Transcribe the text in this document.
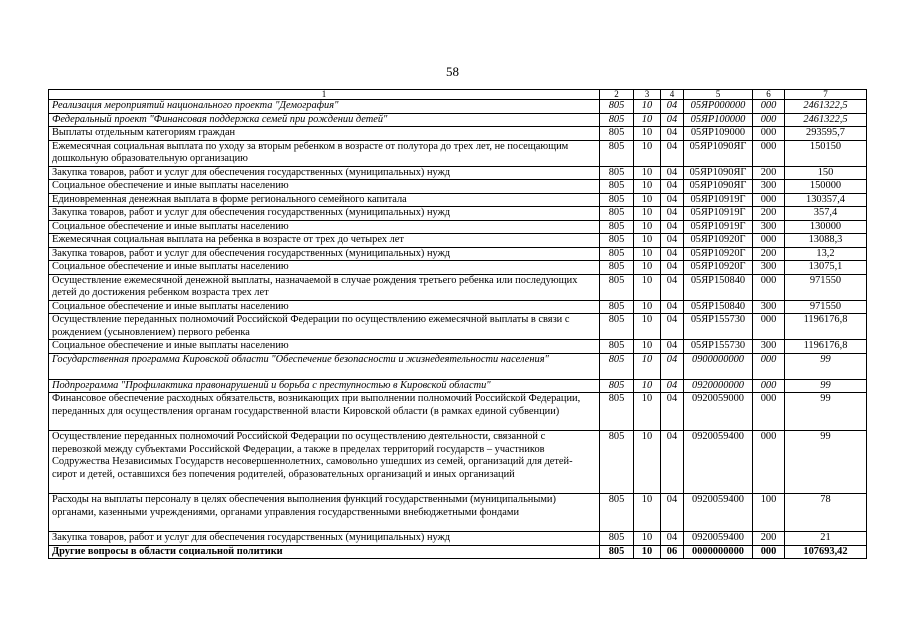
58
1	2	3	4	5	6	7
Реализация мероприятий национального проекта "Демография"	805	10	04	05ЯР000000	000	2461322,5
Федеральный проект "Финансовая поддержка семей при рождении детей"	805	10	04	05ЯР100000	000	2461322,5
Выплаты отдельным категориям граждан	805	10	04	05ЯР109000	000	293595,7
Ежемесячная социальная выплата по уходу за вторым ребенком в возрасте от полутора до трех лет, не посещающим дошкольную образовательную организацию	805	10	04	05ЯР1090ЯГ	000	150150
Закупка товаров, работ и услуг для обеспечения государственных (муниципальных) нужд	805	10	04	05ЯР1090ЯГ	200	150
Социальное обеспечение и иные выплаты населению	805	10	04	05ЯР1090ЯГ	300	150000
Единовременная денежная выплата в форме регионального семейного капитала	805	10	04	05ЯР10919Г	000	130357,4
Закупка товаров, работ и услуг для обеспечения государственных (муниципальных) нужд	805	10	04	05ЯР10919Г	200	357,4
Социальное обеспечение и иные выплаты населению	805	10	04	05ЯР10919Г	300	130000
Ежемесячная социальная выплата на ребенка в возрасте от трех до четырех лет	805	10	04	05ЯР10920Г	000	13088,3
Закупка товаров, работ и услуг для обеспечения государственных (муниципальных) нужд	805	10	04	05ЯР10920Г	200	13,2
Социальное обеспечение и иные выплаты населению	805	10	04	05ЯР10920Г	300	13075,1
Осуществление ежемесячной денежной выплаты, назначаемой в случае рождения третьего ребенка или последующих детей до достижения ребенком возраста трех лет	805	10	04	05ЯР150840	000	971550
Социальное обеспечение и иные выплаты населению	805	10	04	05ЯР150840	300	971550
Осуществление переданных полномочий Российской Федерации по осуществлению ежемесячной выплаты в связи с рождением (усыновлением) первого ребенка	805	10	04	05ЯР155730	000	1196176,8
Социальное обеспечение и иные выплаты населению	805	10	04	05ЯР155730	300	1196176,8
Государственная программа Кировской области "Обеспечение безопасности и жизнедеятельности населения"	805	10	04	0900000000	000	99
Подпрограмма "Профилактика правонарушений и борьба с преступностью в Кировской области"	805	10	04	0920000000	000	99
Финансовое обеспечение расходных обязательств, возникающих при выполнении полномочий Российской Федерации, переданных для осуществления органам государственной власти Кировской области (в рамках единой субвенции)	805	10	04	0920059000	000	99
Осуществление переданных полномочий Российской Федерации по осуществлению деятельности, связанной с перевозкой между субъектами Российской Федерации, а также в пределах территорий государств – участников Содружества Независимых Государств несовершеннолетних, самовольно ушедших из семей, организаций для детей-сирот и детей, оставшихся без попечения родителей, образовательных организаций и иных организаций	805	10	04	0920059400	000	99
Расходы на выплаты персоналу в целях обеспечения выполнения функций государственными (муниципальными) органами, казенными учреждениями, органами управления государственными внебюджетными фондами	805	10	04	0920059400	100	78
Закупка товаров, работ и услуг для обеспечения государственных (муниципальных) нужд	805	10	04	0920059400	200	21
Другие вопросы в области социальной политики	805	10	06	0000000000	000	107693,42
